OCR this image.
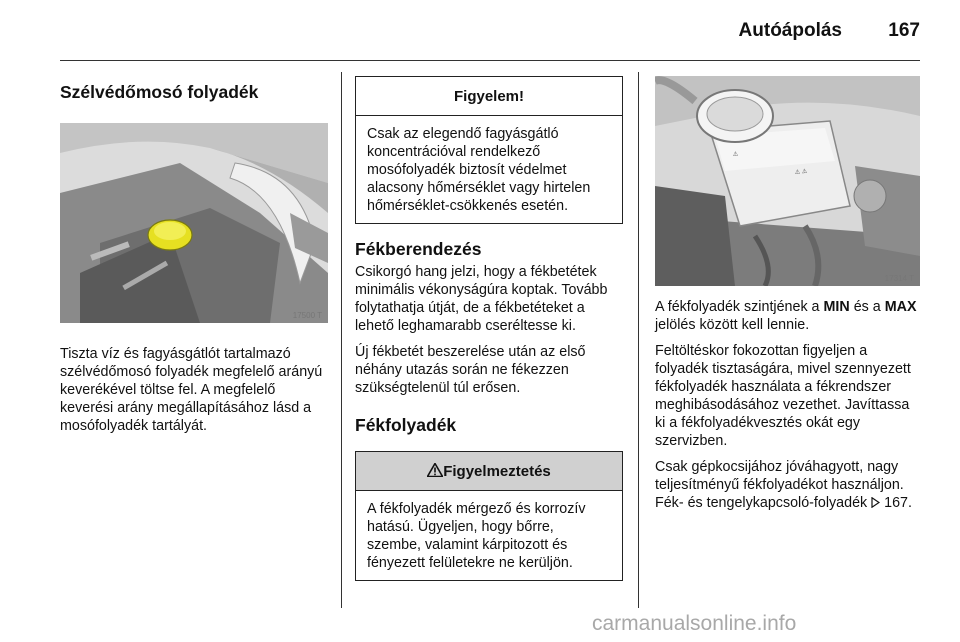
Autóápolás 167
Szélvédőmosó folyadék
17500 T

Tiszta víz és fagyásgátlót tartalmazó szélvédőmosó folyadék megfelelő arányú keverékével töltse fel. A megfelelő keverési arány megállapításához lásd a mosófolyadék tartályát.

Figyelem!
Csak az elegendő fagyásgátló koncentrációval rendelkező mosófolyadék biztosít védelmet alacsony hőmérséklet vagy hirtelen hőmérséklet-csökkenés esetén.
Fékberendezés

Csikorgó hang jelzi, hogy a fékbetétek minimális vékonyságúra koptak. Tovább folytathatja útját, de a fékbetéteket a lehető leghamarabb cseréltesse ki.

Új fékbetét beszerelése után az első néhány utazás során ne fékezzen szükségtelenül túl erősen.

Fékfolyadék
Figyelmeztetés
A fékfolyadék mérgező és korrozív hatású. Ügyeljen, hogy bőrre, szembe, valamint kárpitozott és fényezett felületekre ne kerüljön.
⚠
⚠ ⚠
17314 T

A fékfolyadék szintjének a MIN és a MAX jelölés között kell lennie.

Feltöltéskor fokozottan figyeljen a folyadék tisztaságára, mivel szennyezett fékfolyadék használata a fékrendszer meghibásodásához vezethet. Javíttassa ki a fékfolyadékvesztés okát egy szervizben.

Csak gépkocsijához jóváhagyott, nagy teljesítményű fékfolyadékot használjon. Fék- és tengelykapcsoló-folyadék 167.

carmanualsonline.info
